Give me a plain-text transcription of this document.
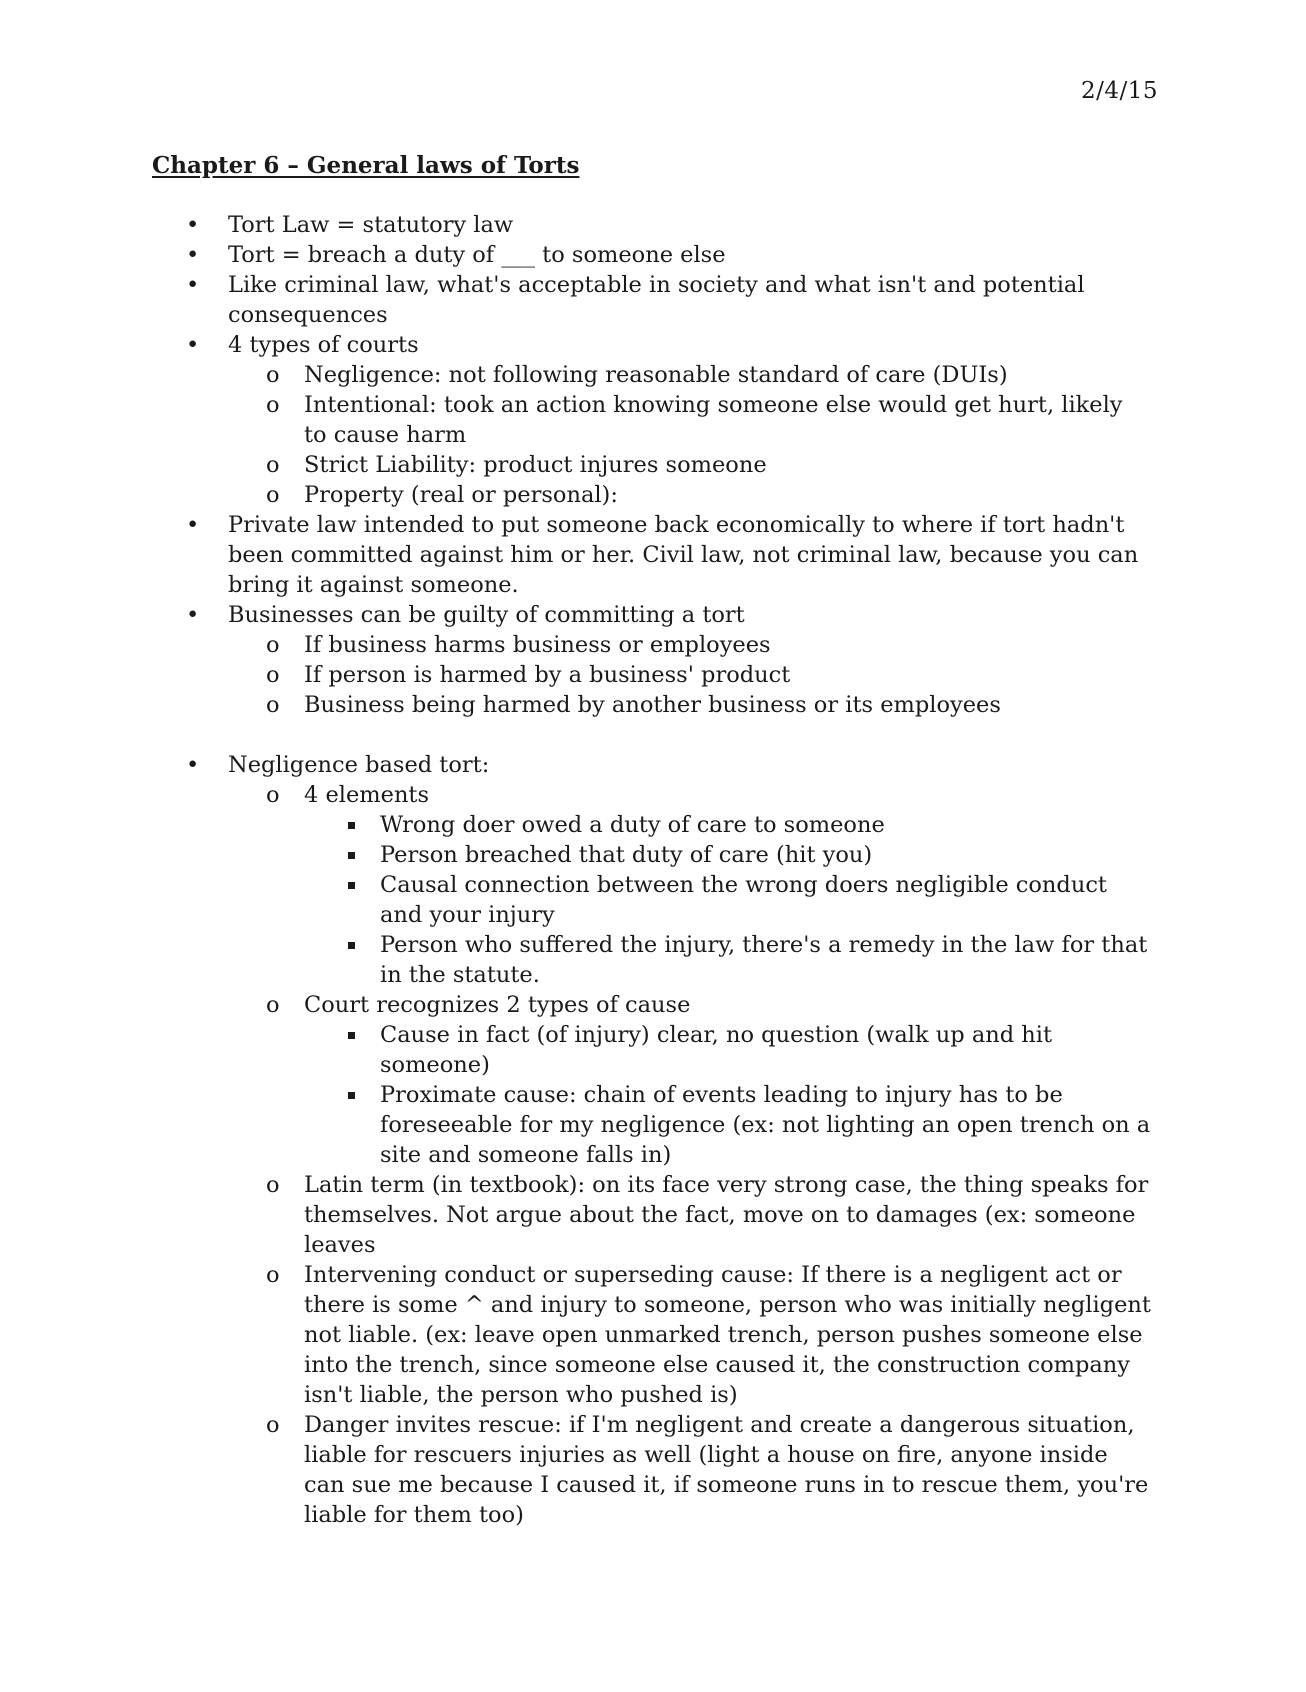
2/4/15
Chapter 6 – General laws of Torts
• Tort Law = statutory law
• Tort = breach a duty of ___ to someone else
• Like criminal law, what's acceptable in society and what isn't and potential consequences
• 4 types of courts
o Negligence: not following reasonable standard of care (DUIs)
o Intentional: took an action knowing someone else would get hurt, likely to cause harm
o Strict Liability: product injures someone
o Property (real or personal):
• Private law intended to put someone back economically to where if tort hadn't been committed against him or her. Civil law, not criminal law, because you can bring it against someone.
• Businesses can be guilty of committing a tort
o If business harms business or employees
o If person is harmed by a business' product
o Business being harmed by another business or its employees
• Negligence based tort:
o 4 elements
Wrong doer owed a duty of care to someone
Person breached that duty of care (hit you)
Causal connection between the wrong doers negligible conduct and your injury
Person who suffered the injury, there's a remedy in the law for that in the statute.
o Court recognizes 2 types of cause
Cause in fact (of injury) clear, no question (walk up and hit someone)
Proximate cause: chain of events leading to injury has to be foreseeable for my negligence (ex: not lighting an open trench on a site and someone falls in)
o Latin term (in textbook): on its face very strong case, the thing speaks for themselves. Not argue about the fact, move on to damages (ex: someone leaves
o Intervening conduct or superseding cause: If there is a negligent act or there is some ^ and injury to someone, person who was initially negligent not liable. (ex: leave open unmarked trench, person pushes someone else into the trench, since someone else caused it, the construction company isn't liable, the person who pushed is)
o Danger invites rescue: if I'm negligent and create a dangerous situation, liable for rescuers injuries as well (light a house on fire, anyone inside can sue me because I caused it, if someone runs in to rescue them, you're liable for them too)
